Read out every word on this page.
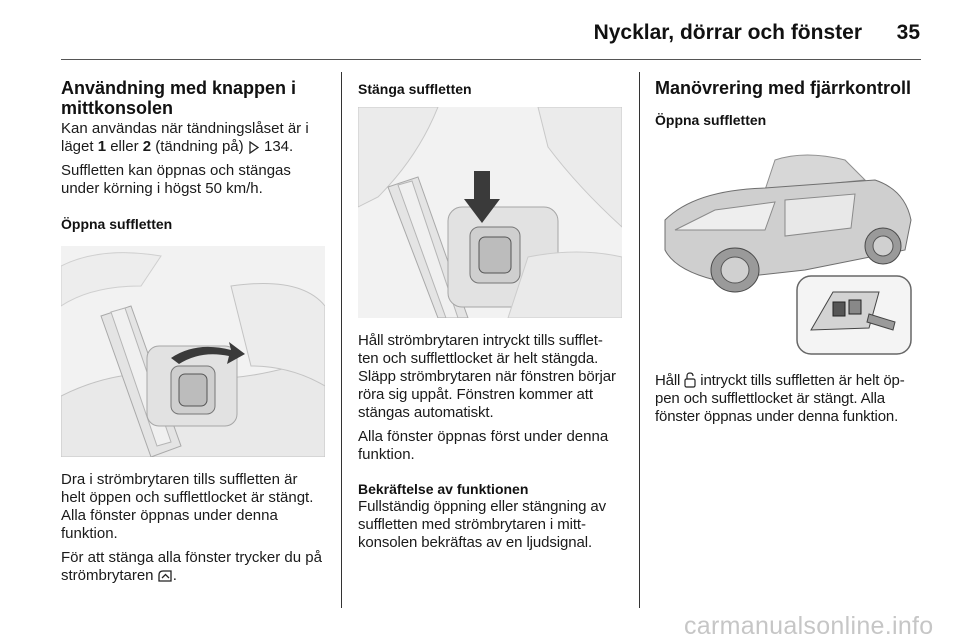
Nycklar, dörrar och fönster	35
Användning med knappen i mittkonsolen

Kan användas när tändningslåset är i läget 1 eller 2 (tändning på)  134.

Suffletten kan öppnas och stängas under körning i högst 50 km/h.

Öppna suffletten

Dra i strömbrytaren tills suffletten är helt öppen och sufflettlocket är stängt. Alla fönster öppnas under denna funktion.

För att stänga alla fönster trycker du på strömbrytaren .

Stänga suffletten

Håll strömbrytaren intryckt tills sufflet-ten och sufflettlocket är helt stängda. Släpp strömbrytaren när fönstren börjar röra sig uppåt. Fönstren kommer att stängas automatiskt.

Alla fönster öppnas först under denna funktion.

Bekräftelse av funktionen

Fullständig öppning eller stängning av suffletten med strömbrytaren i mitt-konsolen bekräftas av en ljudsignal.

Manövrering med fjärrkontroll
Öppna suffletten

Håll  intryckt tills suffletten är helt öp-pen och sufflettlocket är stängt. Alla fönster öppnas under denna funktion.

carmanualsonline.info
